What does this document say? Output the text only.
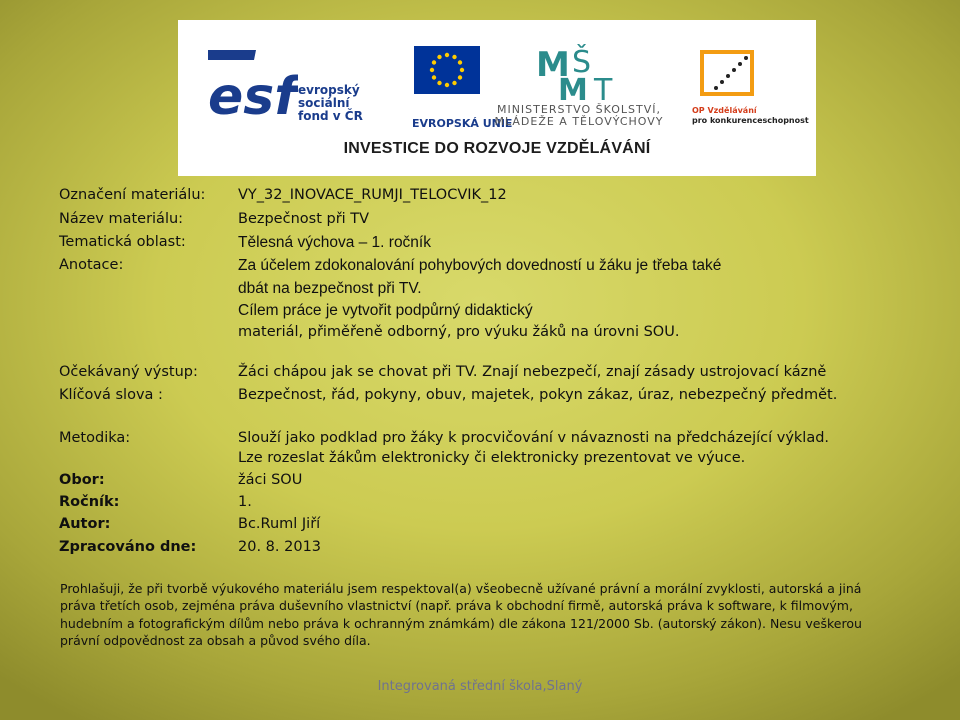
esf evropský
sociální
fond v ČR
EVROPSKÁ UNIE
M Š
M T
MINISTERSTVO ŠKOLSTVÍ,
MLÁDEŽE A TĚLOVÝCHOVY
OP Vzdělávání
pro konkurenceschopnost
INVESTICE DO ROZVOJE VZDĚLÁVÁNÍ
Označení materiálu: VY_32_INOVACE_RUMJI_TELOCVIK_12
Název materiálu:	Bezpečnost při TV
Tematická oblast:	Tělesná výchova – 1. ročník
Anotace:	Za účelem zdokonalování pohybových dovedností u žáku je třeba také
dbát na bezpečnost při TV.
Cílem práce je vytvořit podpůrný didaktický
materiál, přiměřeně odborný, pro výuku žáků na úrovni SOU.
Očekávaný výstup:	Žáci chápou jak se chovat při TV. Znají nebezpečí, znají zásady ustrojovací kázně
Klíčová slova :	Bezpečnost, řád, pokyny, obuv, majetek, pokyn zákaz, úraz, nebezpečný předmět.
Metodika:	Slouží jako podklad pro žáky k procvičování v návaznosti na předcházející výklad.
Lze rozeslat žákům elektronicky či elektronicky prezentovat ve výuce.
Obor:	žáci SOU
Ročník:	1.
Autor:	Bc.Ruml Jiří
Zpracováno dne:	20. 8. 2013
Prohlašuji, že při tvorbě výukového materiálu jsem respektoval(a) všeobecně užívané právní a morální zvyklosti, autorská a jiná práva třetích osob, zejména práva duševního vlastnictví (např. práva k obchodní firmě, autorská práva k software, k filmovým, hudebním a fotografickým dílům nebo práva k ochranným známkám) dle zákona 121/2000 Sb. (autorský zákon). Nesu veškerou právní odpovědnost za obsah a původ svého díla.
Integrovaná střední škola,Slaný
